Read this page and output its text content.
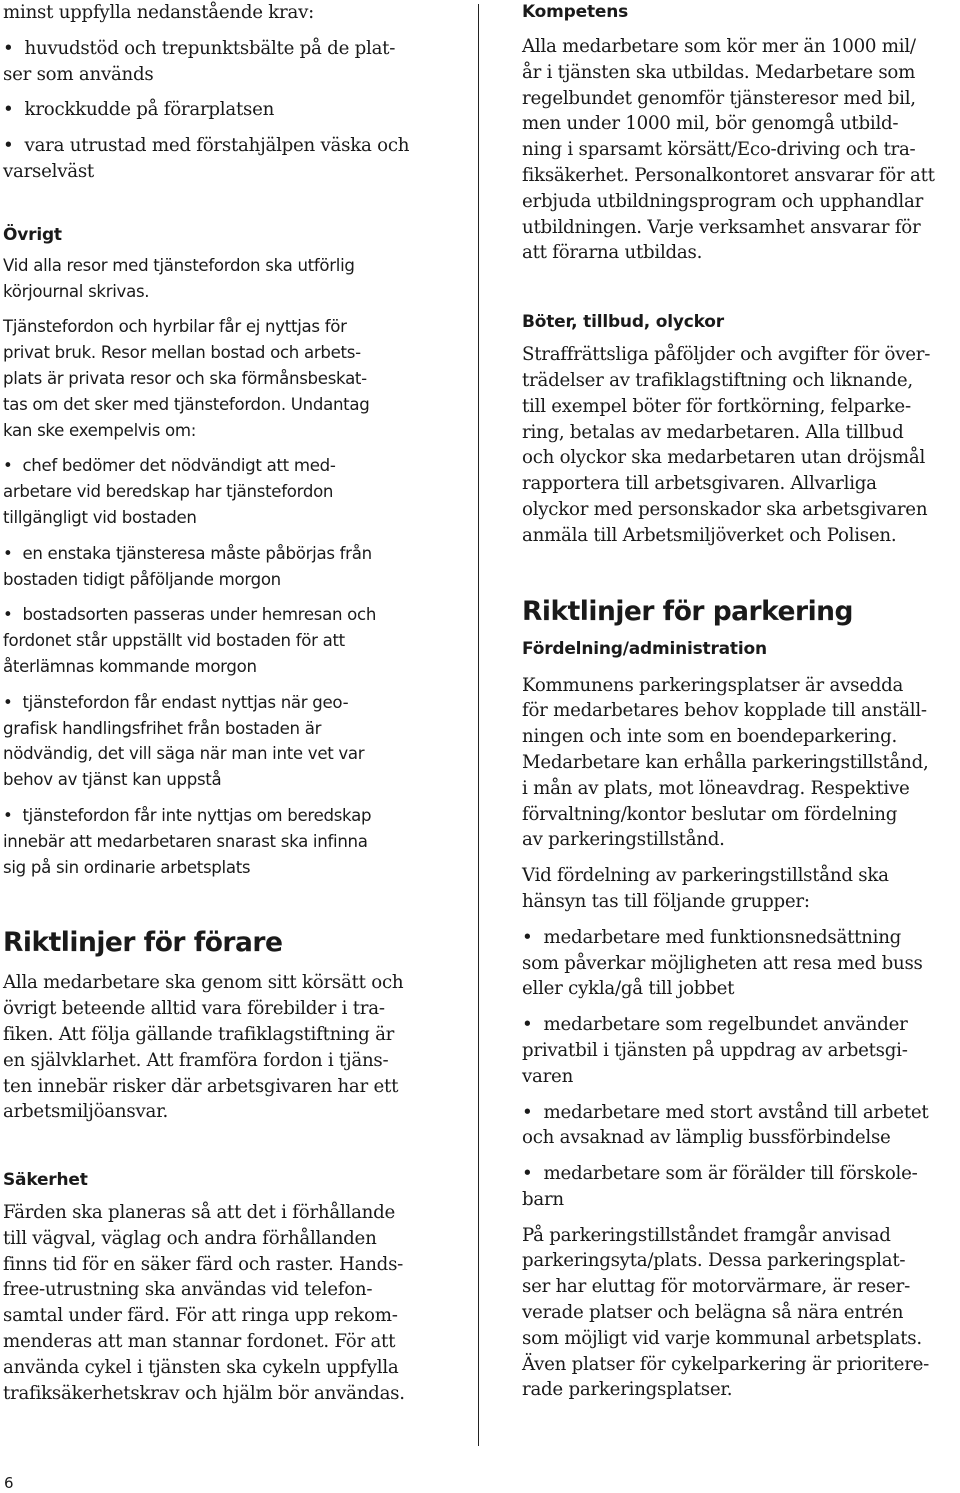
minst uppfylla nedanstående krav:

•  huvudstöd och trepunktsbälte på de plat-
ser som används

•  krockkudde på förarplatsen

•  vara utrustad med förstahjälpen väska och
varselväst

Övrigt

Vid alla resor med tjänstefordon ska utförlig
körjournal skrivas.

Tjänstefordon och hyrbilar får ej nyttjas för
privat bruk. Resor mellan bostad och arbets-
plats är privata resor och ska förmånsbeskat-
tas om det sker med tjänstefordon. Undantag
kan ske exempelvis om:

•  chef bedömer det nödvändigt att med-
arbetare vid beredskap har tjänstefordon
tillgängligt vid bostaden

•  en enstaka tjänsteresa måste påbörjas från
bostaden tidigt påföljande morgon

•  bostadsorten passeras under hemresan och
fordonet står uppställt vid bostaden för att
återlämnas kommande morgon

•  tjänstefordon får endast nyttjas när geo-
grafisk handlingsfrihet från bostaden är
nödvändig, det vill säga när man inte vet var
behov av tjänst kan uppstå

•  tjänstefordon får inte nyttjas om beredskap
innebär att medarbetaren snarast ska infinna
sig på sin ordinarie arbetsplats

Riktlinjer för förare

Alla medarbetare ska genom sitt körsätt och
övrigt beteende alltid vara förebilder i tra-
fiken. Att följa gällande trafiklagstiftning är
en självklarhet. Att framföra fordon i tjäns-
ten innebär risker där arbetsgivaren har ett
arbetsmiljöansvar.

Säkerhet

Färden ska planeras så att det i förhållande
till vägval, väglag och andra förhållanden
finns tid för en säker färd och raster. Hands-
free-utrustning ska användas vid telefon-
samtal under färd. För att ringa upp rekom-
menderas att man stannar fordonet. För att
använda cykel i tjänsten ska cykeln uppfylla
trafiksäkerhetskrav och hjälm bör användas.

Kompetens

Alla medarbetare som kör mer än 1000 mil/
år i tjänsten ska utbildas. Medarbetare som
regelbundet genomför tjänsteresor med bil,
men under 1000 mil, bör genomgå utbild-
ning i sparsamt körsätt/Eco-driving och tra-
fiksäkerhet. Personalkontoret ansvarar för att
erbjuda utbildningsprogram och upphandlar
utbildningen. Varje verksamhet ansvarar för
att förarna utbildas.

Böter, tillbud, olyckor

Straffrättsliga påföljder och avgifter för över-
trädelser av trafiklagstiftning och liknande,
till exempel böter för fortkörning, felparke-
ring, betalas av medarbetaren. Alla tillbud
och olyckor ska medarbetaren utan dröjsmål
rapportera till arbetsgivaren. Allvarliga
olyckor med personskador ska arbetsgivaren
anmäla till Arbetsmiljöverket och Polisen.

Riktlinjer för parkering
Fördelning/administration

Kommunens parkeringsplatser är avsedda
för medarbetares behov kopplade till anställ-
ningen och inte som en boendeparkering.
Medarbetare kan erhålla parkeringstillstånd,
i mån av plats, mot löneavdrag. Respektive
förvaltning/kontor beslutar om fördelning
av parkeringstillstånd.

Vid fördelning av parkeringstillstånd ska
hänsyn tas till följande grupper:

•  medarbetare med funktionsnedsättning
som påverkar möjligheten att resa med buss
eller cykla/gå till jobbet

•  medarbetare som regelbundet använder
privatbil i tjänsten på uppdrag av arbetsgi-
varen

•  medarbetare med stort avstånd till arbetet
och avsaknad av lämplig bussförbindelse

•  medarbetare som är förälder till förskole-
barn

På parkeringstillståndet framgår anvisad
parkeringsyta/plats. Dessa parkeringsplat-
ser har eluttag för motorvärmare, är reser-
verade platser och belägna så nära entrén
som möjligt vid varje kommunal arbetsplats.
Även platser för cykelparkering är prioritere-
rade parkeringsplatser.

6
